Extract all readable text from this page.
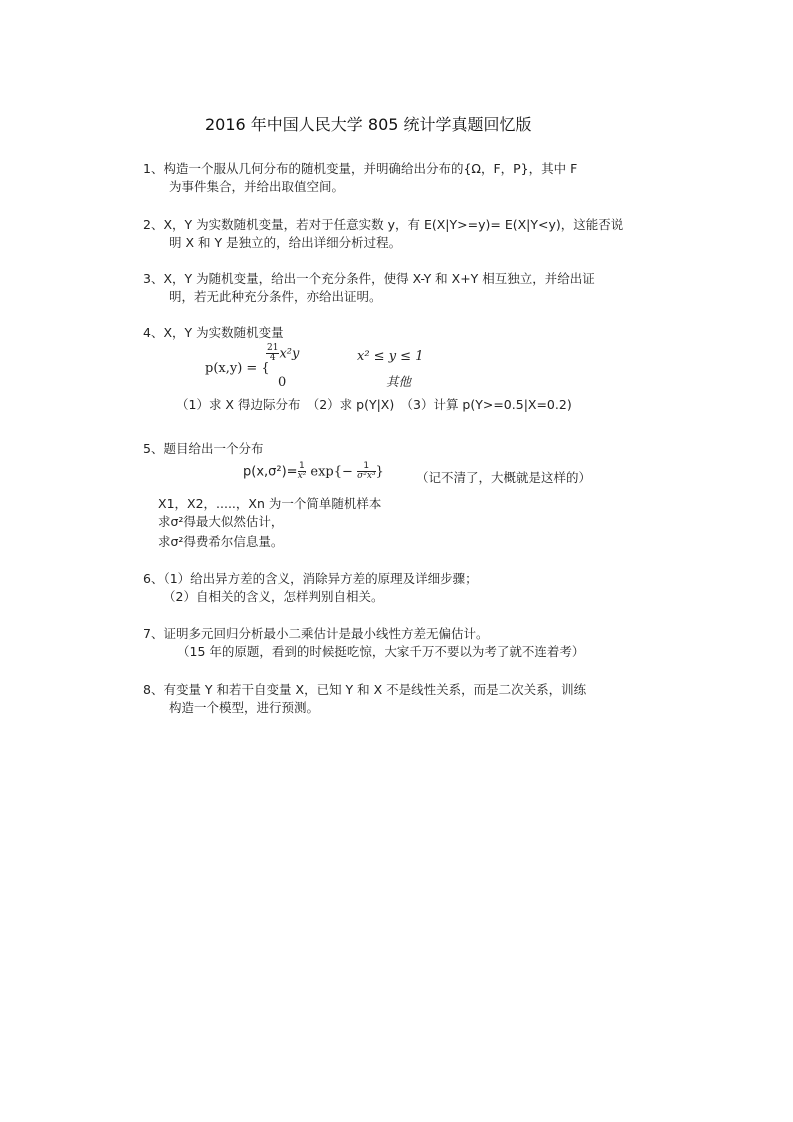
2016 年中国人民大学 805 统计学真题回忆版
1、构造一个服从几何分布的随机变量，并明确给出分布的{Ω，F，P}，其中 F
为事件集合，并给出取值空间。
2、X，Y 为实数随机变量，若对于任意实数 y，有 E(X|Y>=y)= E(X|Y<y)，这能否说
明 X 和 Y 是独立的，给出详细分析过程。
3、X，Y 为随机变量，给出一个充分条件，使得 X-Y 和 X+Y 相互独立，并给出证
明，若无此种充分条件，亦给出证明。
4、X，Y 为实数随机变量
p(x,y) = {
$\frac{21}{4} x^2y$	x² ≤ y ≤ 1
0	其他
（1）求 X 得边际分布　（2）求 p(Y|X)　（3）计算 p(Y>=0.5|X=0.2)
5、题目给出一个分布
$p(x,\sigma^2)= \frac{1}{\text{x²}} \exp\{- \frac{1}{\text{σ²x³}}$ }	（记不清了，大概就是这样的）
X1，X2，.....，Xn 为一个简单随机样本
求σ²得最大似然估计，
求σ²得费希尔信息量。
6、（1）给出异方差的含义，消除异方差的原理及详细步骤；
（2）自相关的含义，怎样判别自相关。
7、证明多元回归分析最小二乘估计是最小线性方差无偏估计。
（15 年的原题，看到的时候挺吃惊，大家千万不要以为考了就不连着考）
8、有变量 Y 和若干自变量 X，已知 Y 和 X 不是线性关系，而是二次关系，训练
构造一个模型，进行预测。
